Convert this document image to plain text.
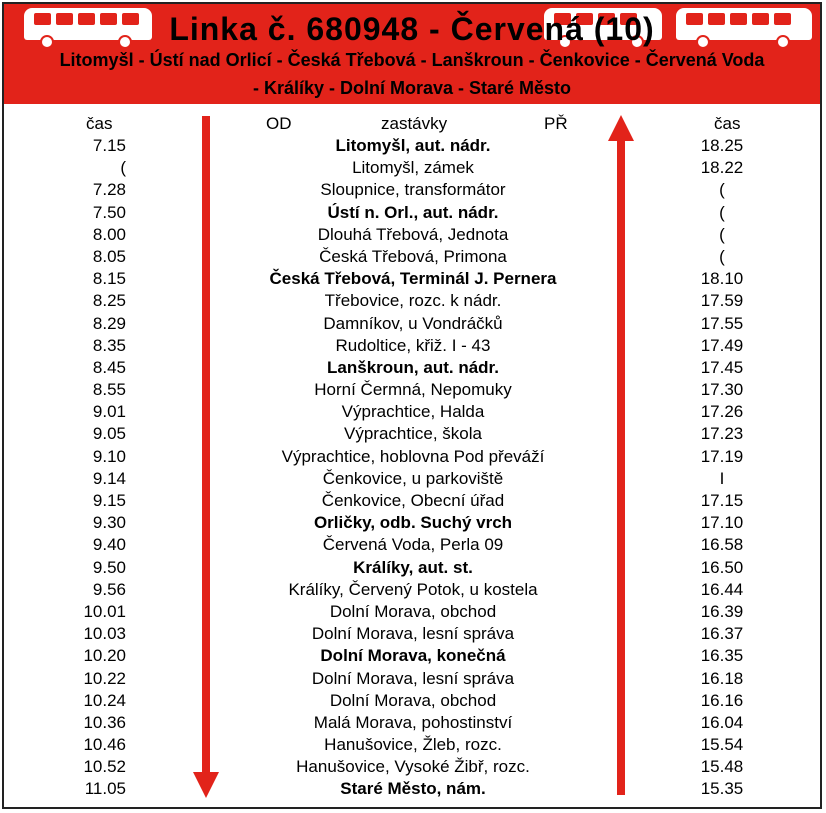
Linka č. 680948 - Červená (10)
Litomyšl - Ústí nad Orlicí - Česká Třebová - Lanškroun - Čenkovice - Červená Voda
- Králíky - Dolní Morava - Staré Město
čas	OD	zastávky	PŘ	čas
7.15	Litomyšl, aut. nádr.	18.25
(	Litomyšl, zámek	18.22
7.28	Sloupnice, transformátor	(
7.50	Ústí n. Orl., aut. nádr.	(
8.00	Dlouhá Třebová, Jednota	(
8.05	Česká Třebová, Primona	(
8.15	Česká Třebová, Terminál J. Pernera	18.10
8.25	Třebovice, rozc. k nádr.	17.59
8.29	Damníkov, u Vondráčků	17.55
8.35	Rudoltice, křiž. I - 43	17.49
8.45	Lanškroun, aut. nádr.	17.45
8.55	Horní Čermná, Nepomuky	17.30
9.01	Výprachtice, Halda	17.26
9.05	Výprachtice, škola	17.23
9.10	Výprachtice, hoblovna Pod převáží	17.19
9.14	Čenkovice, u parkoviště	I
9.15	Čenkovice, Obecní úřad	17.15
9.30	Orličky, odb. Suchý vrch	17.10
9.40	Červená Voda, Perla 09	16.58
9.50	Králíky, aut. st.	16.50
9.56	Králíky, Červený Potok, u kostela	16.44
10.01	Dolní Morava, obchod	16.39
10.03	Dolní Morava, lesní správa	16.37
10.20	Dolní Morava, konečná	16.35
10.22	Dolní Morava, lesní správa	16.18
10.24	Dolní Morava, obchod	16.16
10.36	Malá Morava, pohostinství	16.04
10.46	Hanušovice, Žleb, rozc.	15.54
10.52	Hanušovice, Vysoké Žibř, rozc.	15.48
11.05	Staré Město, nám.	15.35
